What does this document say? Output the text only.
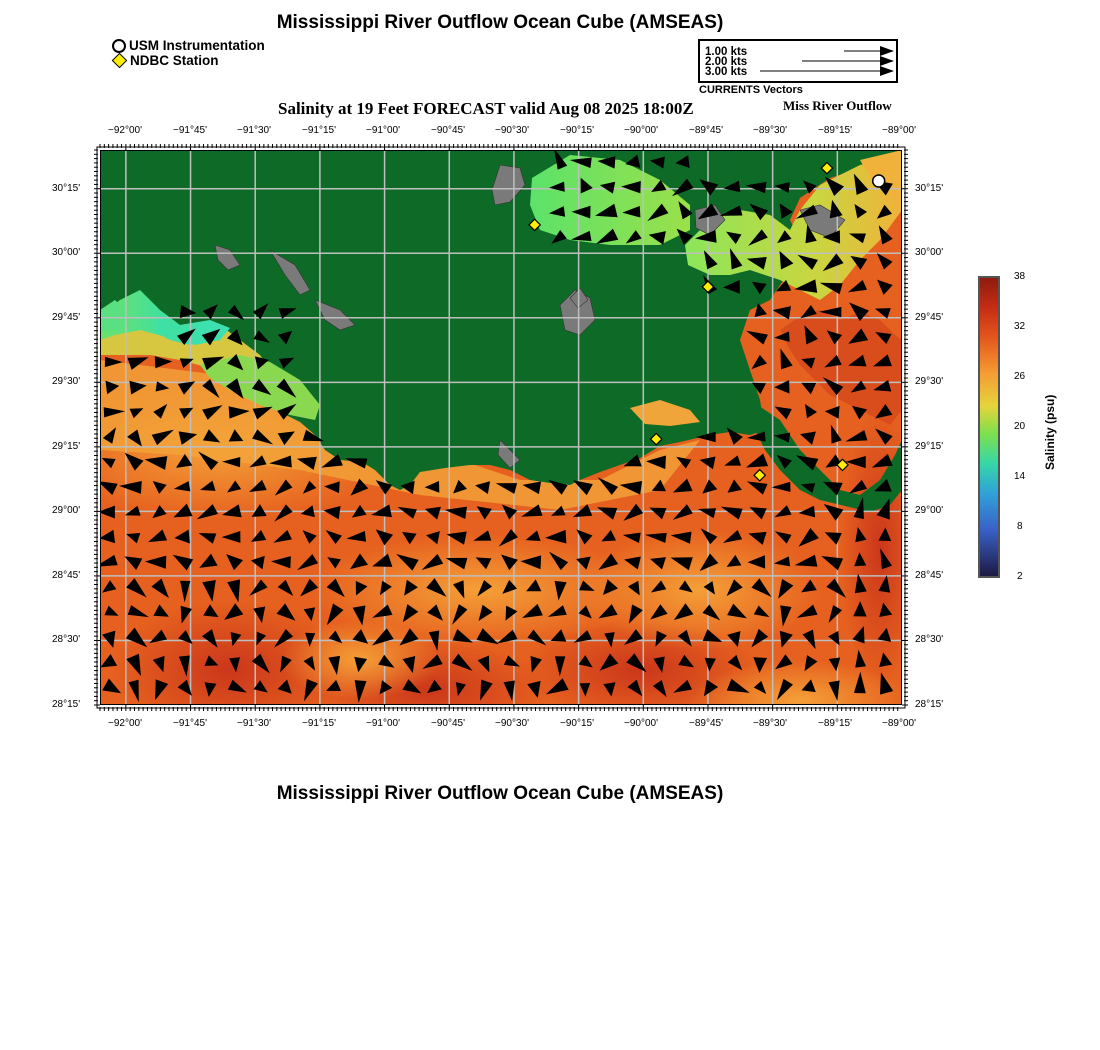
Mississippi River Outflow Ocean Cube (AMSEAS)
USM Instrumentation
NDBC Station
1.00 kts
2.00 kts
3.00 kts
CURRENTS Vectors
Salinity at 19 Feet FORECAST valid Aug 08 2025 18:00Z	Miss River Outflow
−92°00'	−91°45'	−91°30'	−91°15'	−91°00'	−90°45'	−90°30'	−90°15'	−90°00'	−89°45'	−89°30'	−89°15'	−89°00'
−92°00'	−91°45'	−91°30'	−91°15'	−91°00'	−90°45'	−90°30'	−90°15'	−90°00'	−89°45'	−89°30'	−89°15'	−89°00'
30°15'
30°00'
29°45'
29°30'
29°15'
29°00'
28°45'
28°30'
28°15'
30°15'
30°00'
29°45'
29°30'
29°15'
29°00'
28°45'
28°30'
28°15'
38
32
26
20
14
8
2
Salinity (psu)
Mississippi River Outflow Ocean Cube (AMSEAS)
